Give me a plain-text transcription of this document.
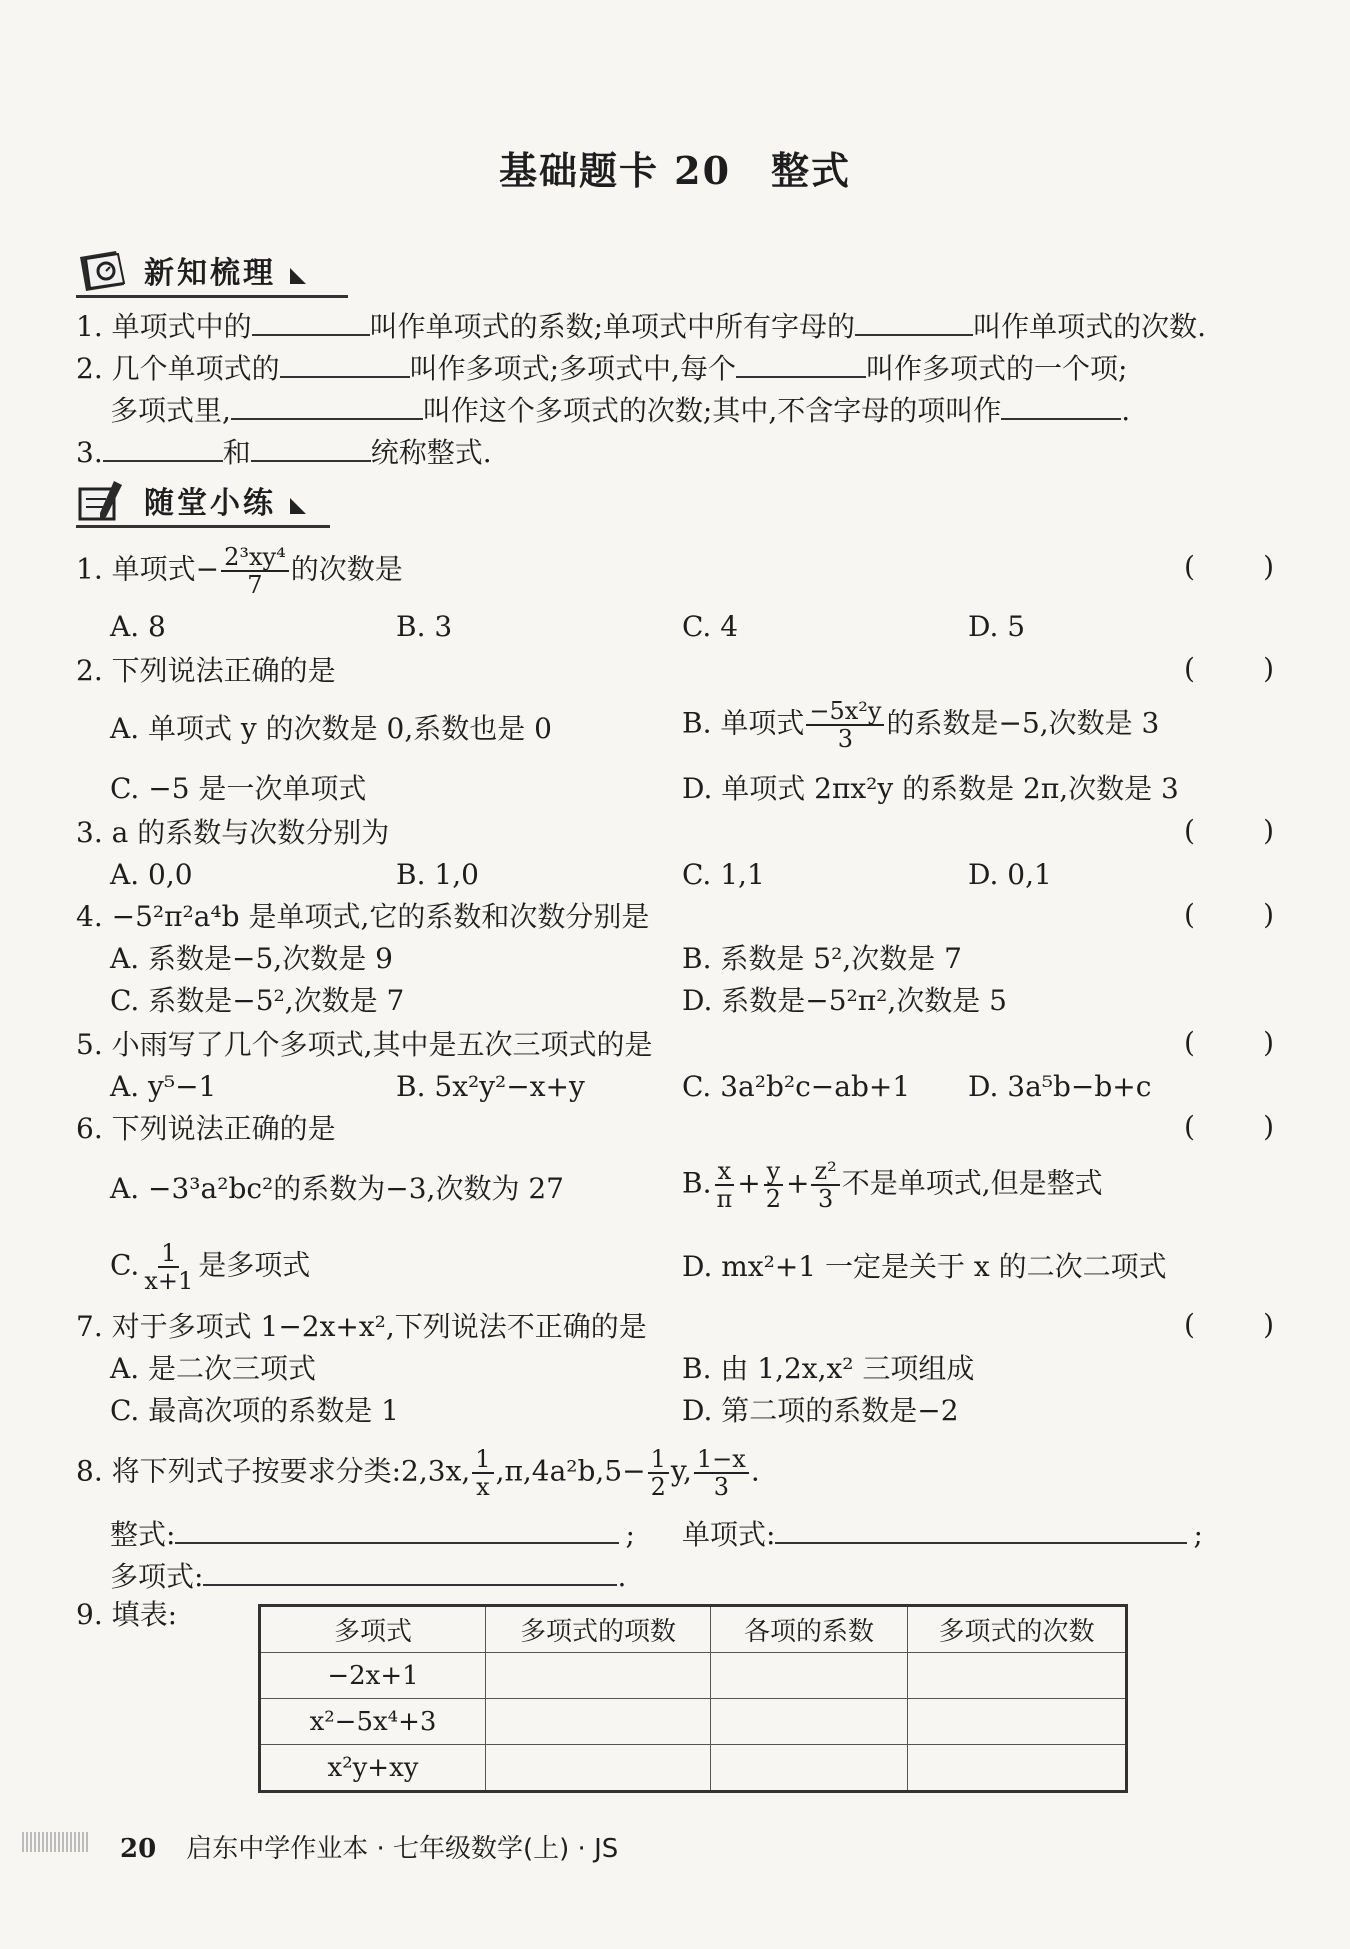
基础题卡 20　整式
新知梳理
1. 单项式中的	叫作单项式的系数;单项式中所有字母的	叫作单项式的次数.
2. 几个单项式的	叫作多项式;多项式中,每个	叫作多项式的一个项;
多项式里,	叫作这个多项式的次数;其中,不含字母的项叫作	.
3.	和	统称整式.
随堂小练
1. 单项式− $\frac{\text{2³xy⁴}}{7}$ 的次数是	( )
A. 8	B. 3	C. 4	D. 5
2. 下列说法正确的是	( )
A. 单项式 y 的次数是 0,系数也是 0	B. 单项式 $\frac{\text{−5x²y}}{3}$ 的系数是−5,次数是 3
C. −5 是一次单项式	D. 单项式 2πx²y 的系数是 2π,次数是 3
3. a 的系数与次数分别为	( )
A. 0,0	B. 1,0	C. 1,1	D. 0,1
4. −5²π²a⁴b 是单项式,它的系数和次数分别是	( )
A. 系数是−5,次数是 9	B. 系数是 5²,次数是 7
C. 系数是−5²,次数是 7	D. 系数是−5²π²,次数是 5
5. 小雨写了几个多项式,其中是五次三项式的是	( )
A. y⁵−1	B. 5x²y²−x+y	C. 3a²b²c−ab+1 D. 3a⁵b−b+c
6. 下列说法正确的是	( )
A. −3³a²bc²的系数为−3,次数为 27	B. $\frac{x}{\pi} + \frac{y}{2} + \frac{\text{z²}}{3}$ 不是单项式,但是整式
C. $\frac{1}{x+1}$ 是多项式	D. mx²+1 一定是关于 x 的二次二项式
7. 对于多项式 1−2x+x²,下列说法不正确的是	( )
A. 是二次三项式	B. 由 1,2x,x² 三项组成
C. 最高次项的系数是 1	D. 第二项的系数是−2
8. 将下列式子按要求分类:2,3x, $\frac{1}{x} ,\pi,4a^2b,5- \frac{1}{2} y$, $\frac{1-x}{3}$ .
整式:	; 单项式:	;
多项式:	.
9. 填表:
多项式	多项式的项数	各项的系数	多项式的次数
−2x+1			
x²−5x⁴+3			
x²y+xy			
20 启东中学作业本 · 七年级数学(上) · JS
